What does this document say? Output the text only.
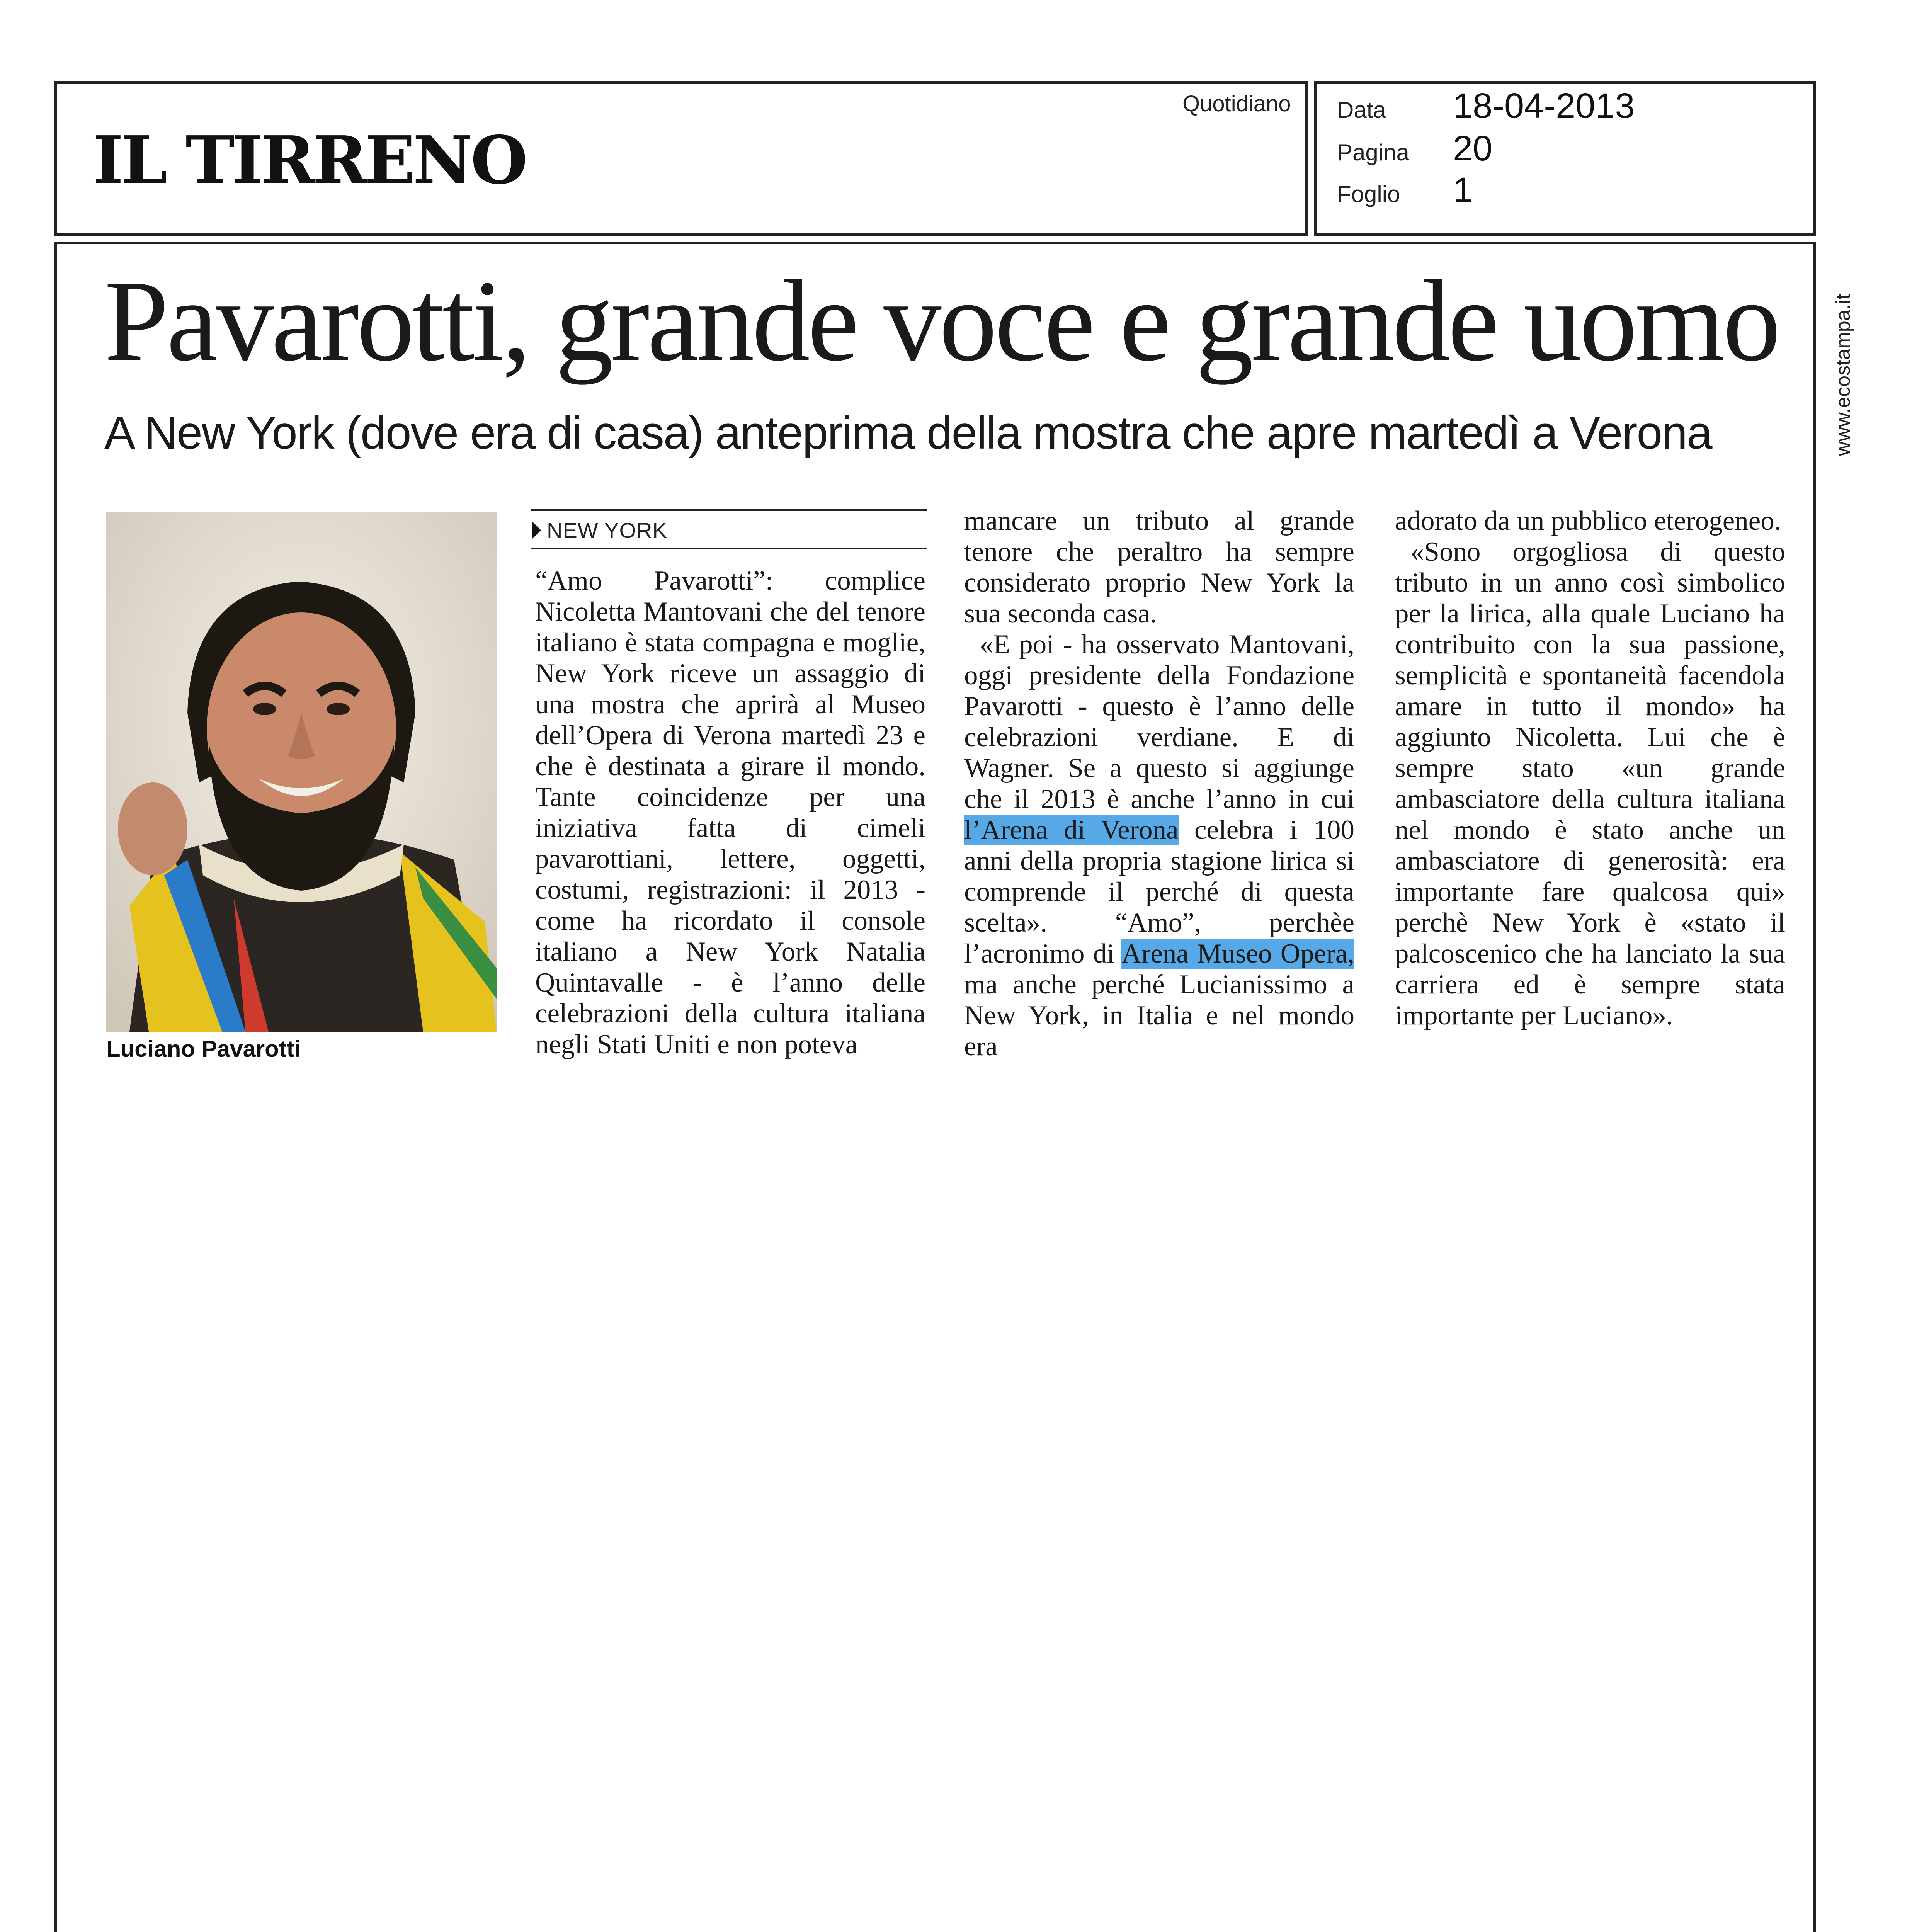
IL TIRRENO
Quotidiano Data 18-04-2013
Pagina 20
Foglio 1
www.ecostampa.it
Pavarotti, grande voce e grande uomo
A New York (dove era di casa) anteprima della mostra che apre martedì a Verona
Luciano Pavarotti
NEW YORK

“Amo Pavarotti”: complice Nicoletta Mantovani che del tenore italiano è stata compagna e moglie, New York riceve un assaggio di una mostra che aprirà al Museo dell’Opera di Verona martedì 23 e che è destinata a girare il mondo. Tante coincidenze per una iniziativa fatta di cimeli pavarottiani, lettere, oggetti, costumi, registrazioni: il 2013 - come ha ricordato il console italiano a New York Natalia Quintavalle - è l’anno delle celebrazioni della cultura italiana negli Stati Uniti e non poteva

mancare un tributo al grande tenore che peraltro ha sempre considerato proprio New York la sua seconda casa.

«E poi - ha osservato Mantovani, oggi presidente della Fondazione Pavarotti - questo è l’anno delle celebrazioni verdiane. E di Wagner. Se a questo si aggiunge che il 2013 è anche l’anno in cui l’Arena di Verona celebra i 100 anni della propria stagione lirica si comprende il perché di questa scelta». “Amo”, perchèe l’acronimo di Arena Museo Opera, ma anche perché Lucianissimo a New York, in Italia e nel mondo era

adorato da un pubblico eterogeneo.

«Sono orgogliosa di questo tributo in un anno così simbolico per la lirica, alla quale Luciano ha contribuito con la sua passione, semplicità e spontaneità facendola amare in tutto il mondo» ha aggiunto Nicoletta. Lui che è sempre stato «un grande ambasciatore della cultura italiana nel mondo è stato anche un ambasciatore di generosità: era importante fare qualcosa qui» perchè New York è «stato il palcoscenico che ha lanciato la sua carriera ed è sempre stata importante per Luciano».
